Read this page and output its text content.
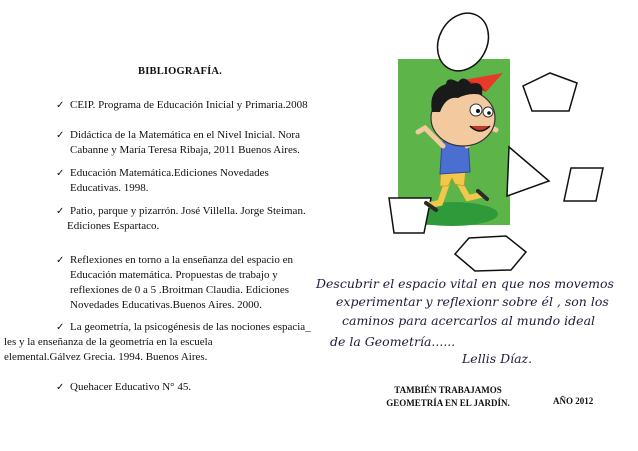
BIBLIOGRAFÍA.
✓ CEIP. Programa de Educación Inicial y Primaria.2008
✓ Didáctica de la Matemática en el Nivel Inicial. Nora
Cabanne y María Teresa Ribaja, 2011 Buenos Aires.
✓ Educación Matemática.Ediciones Novedades
Educativas. 1998.
✓ Patio, parque y pizarrón. José Villella. Jorge Steiman.
Ediciones Espartaco.
✓ Reflexiones en torno a la enseñanza del espacio en
Educación matemática. Propuestas de trabajo y
reflexiones de 0 a 5 .Broitman Claudia. Ediciones
Novedades Educativas.Buenos Aires. 2000.
✓ La geometría, la psicogénesis de las nociones espacia_
les y la enseñanza de la geometría en la escuela
elemental.Gálvez Grecia. 1994. Buenos Aires.
✓ Quehacer Educativo N° 45.
Descubrir el espacio vital en que nos movemos
experimentar y reflexionr sobre él , son los
caminos para acercarlos al mundo ideal
de la Geometría......
Lellis Díaz.
TAMBIÉN TRABAJAMOS
GEOMETRÍA EN EL JARDÍN.	AÑO 2012
